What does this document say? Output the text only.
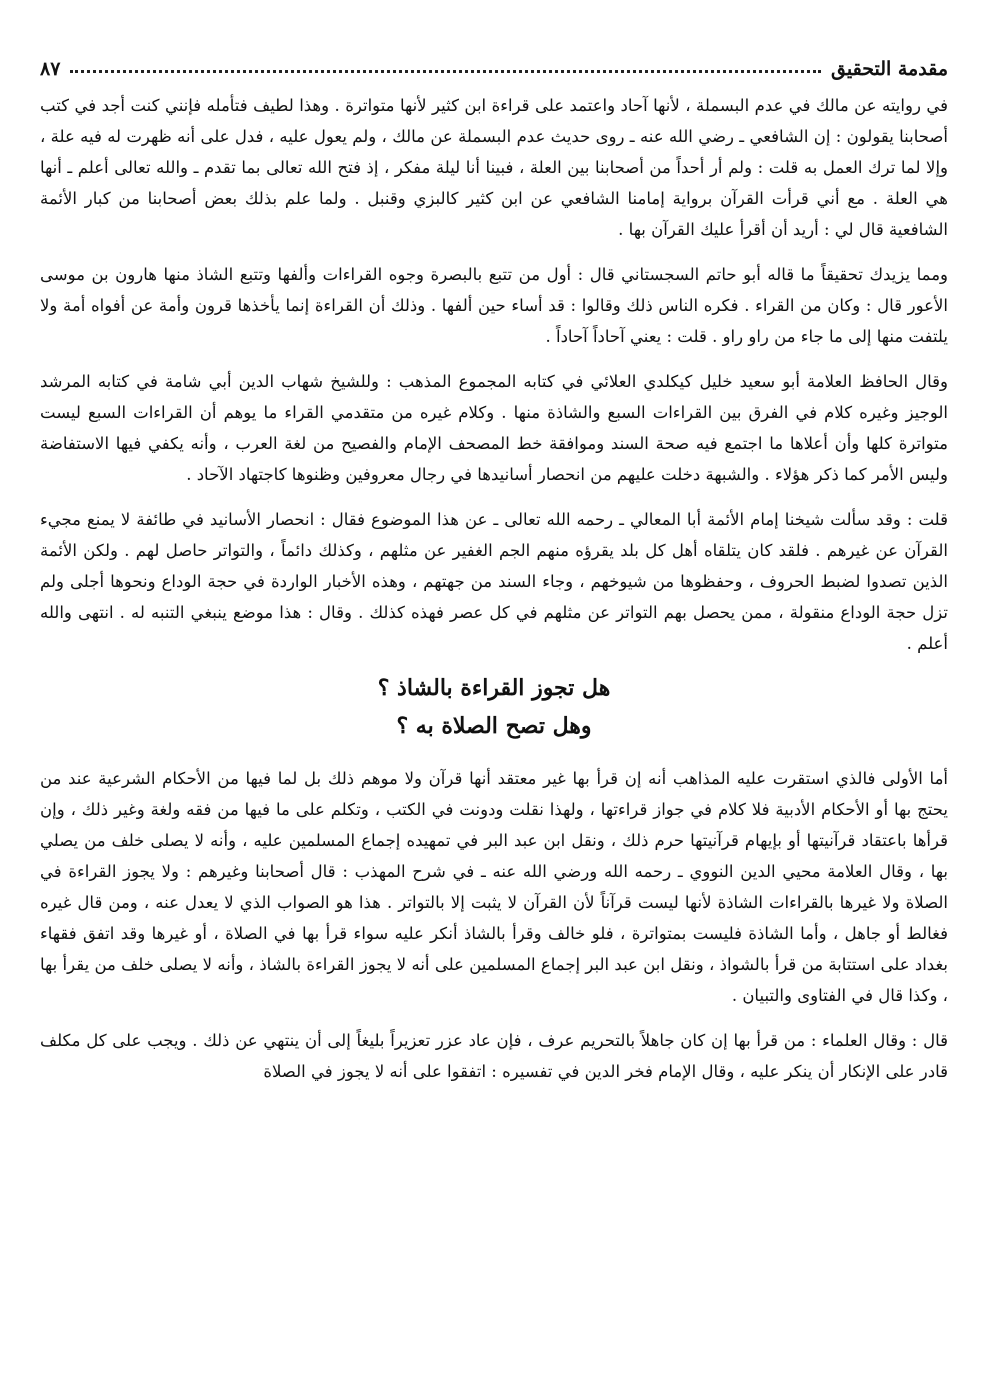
مقدمة التحقيق
٨٧

في روايته عن مالك في عدم البسملة ، لأنها آحاد واعتمد على قراءة ابن كثير لأنها متواترة . وهذا لطيف فتأمله فإنني كنت أجد في كتب أصحابنا يقولون : إن الشافعي ـ رضي الله عنه ـ روى حديث عدم البسملة عن مالك ، ولم يعول عليه ، فدل على أنه ظهرت له فيه علة ، وإلا لما ترك العمل به قلت : ولم أر أحداً من أصحابنا بين العلة ، فبينا أنا ليلة مفكر ، إذ فتح الله تعالى بما تقدم ـ والله تعالى أعلم ـ أنها هي العلة . مع أني قرأت القرآن برواية إمامنا الشافعي عن ابن كثير كالبزي وقنبل . ولما علم بذلك بعض أصحابنا من كبار الأئمة الشافعية قال لي : أريد أن أقرأ عليك القرآن بها .

ومما يزيدك تحقيقاً ما قاله أبو حاتم السجستاني قال : أول من تتبع بالبصرة وجوه القراءات وألفها وتتبع الشاذ منها هارون بن موسى الأعور قال : وكان من القراء . فكره الناس ذلك وقالوا : قد أساء حين ألفها . وذلك أن القراءة إنما يأخذها قرون وأمة عن أفواه أمة ولا يلتفت منها إلى ما جاء من راو راو . قلت : يعني آحاداً آحاداً .

وقال الحافظ العلامة أبو سعيد خليل كيكلدي العلائي في كتابه المجموع المذهب : وللشيخ شهاب الدين أبي شامة في كتابه المرشد الوجيز وغيره كلام في الفرق بين القراءات السبع والشاذة منها . وكلام غيره من متقدمي القراء ما يوهم أن القراءات السبع ليست متواترة كلها وأن أعلاها ما اجتمع فيه صحة السند وموافقة خط المصحف الإمام والفصيح من لغة العرب ، وأنه يكفي فيها الاستفاضة وليس الأمر كما ذكر هؤلاء . والشبهة دخلت عليهم من انحصار أسانيدها في رجال معروفين وظنوها كاجتهاد الآحاد .

قلت : وقد سألت شيخنا إمام الأئمة أبا المعالي ـ رحمه الله تعالى ـ عن هذا الموضوع فقال : انحصار الأسانيد في طائفة لا يمنع مجيء القرآن عن غيرهم . فلقد كان يتلقاه أهل كل بلد يقرؤه منهم الجم الغفير عن مثلهم ، وكذلك دائماً ، والتواتر حاصل لهم . ولكن الأئمة الذين تصدوا لضبط الحروف ، وحفظوها من شيوخهم ، وجاء السند من جهتهم ، وهذه الأخبار الواردة في حجة الوداع ونحوها أجلى ولم تزل حجة الوداع منقولة ، ممن يحصل بهم التواتر عن مثلهم في كل عصر فهذه كذلك . وقال : هذا موضع ينبغي التنبه له . انتهى والله أعلم .

هل تجوز القراءة بالشاذ ؟
وهل تصح الصلاة به ؟

أما الأولى فالذي استقرت عليه المذاهب أنه إن قرأ بها غير معتقد أنها قرآن ولا موهم ذلك بل لما فيها من الأحكام الشرعية عند من يحتج بها أو الأحكام الأدبية فلا كلام في جواز قراءتها ، ولهذا نقلت ودونت في الكتب ، وتكلم على ما فيها من فقه ولغة وغير ذلك ، وإن قرأها باعتقاد قرآنيتها أو بإيهام قرآنيتها حرم ذلك ، ونقل ابن عبد البر في تمهيده إجماع المسلمين عليه ، وأنه لا يصلى خلف من يصلي بها ، وقال العلامة محيي الدين النووي ـ رحمه الله ورضي الله عنه ـ في شرح المهذب : قال أصحابنا وغيرهم : ولا يجوز القراءة في الصلاة ولا غيرها بالقراءات الشاذة لأنها ليست قرآناً لأن القرآن لا يثبت إلا بالتواتر . هذا هو الصواب الذي لا يعدل عنه ، ومن قال غيره فغالط أو جاهل ، وأما الشاذة فليست بمتواترة ، فلو خالف وقرأ بالشاذ أنكر عليه سواء قرأ بها في الصلاة ، أو غيرها وقد اتفق فقهاء بغداد على استتابة من قرأ بالشواذ ، ونقل ابن عبد البر إجماع المسلمين على أنه لا يجوز القراءة بالشاذ ، وأنه لا يصلى خلف من يقرأ بها ، وكذا قال في الفتاوى والتبيان .

قال : وقال العلماء : من قرأ بها إن كان جاهلاً بالتحريم عرف ، فإن عاد عزر تعزيراً بليغاً إلى أن ينتهي عن ذلك . ويجب على كل مكلف قادر على الإنكار أن ينكر عليه ، وقال الإمام فخر الدين في تفسيره : اتفقوا على أنه لا يجوز في الصلاة
